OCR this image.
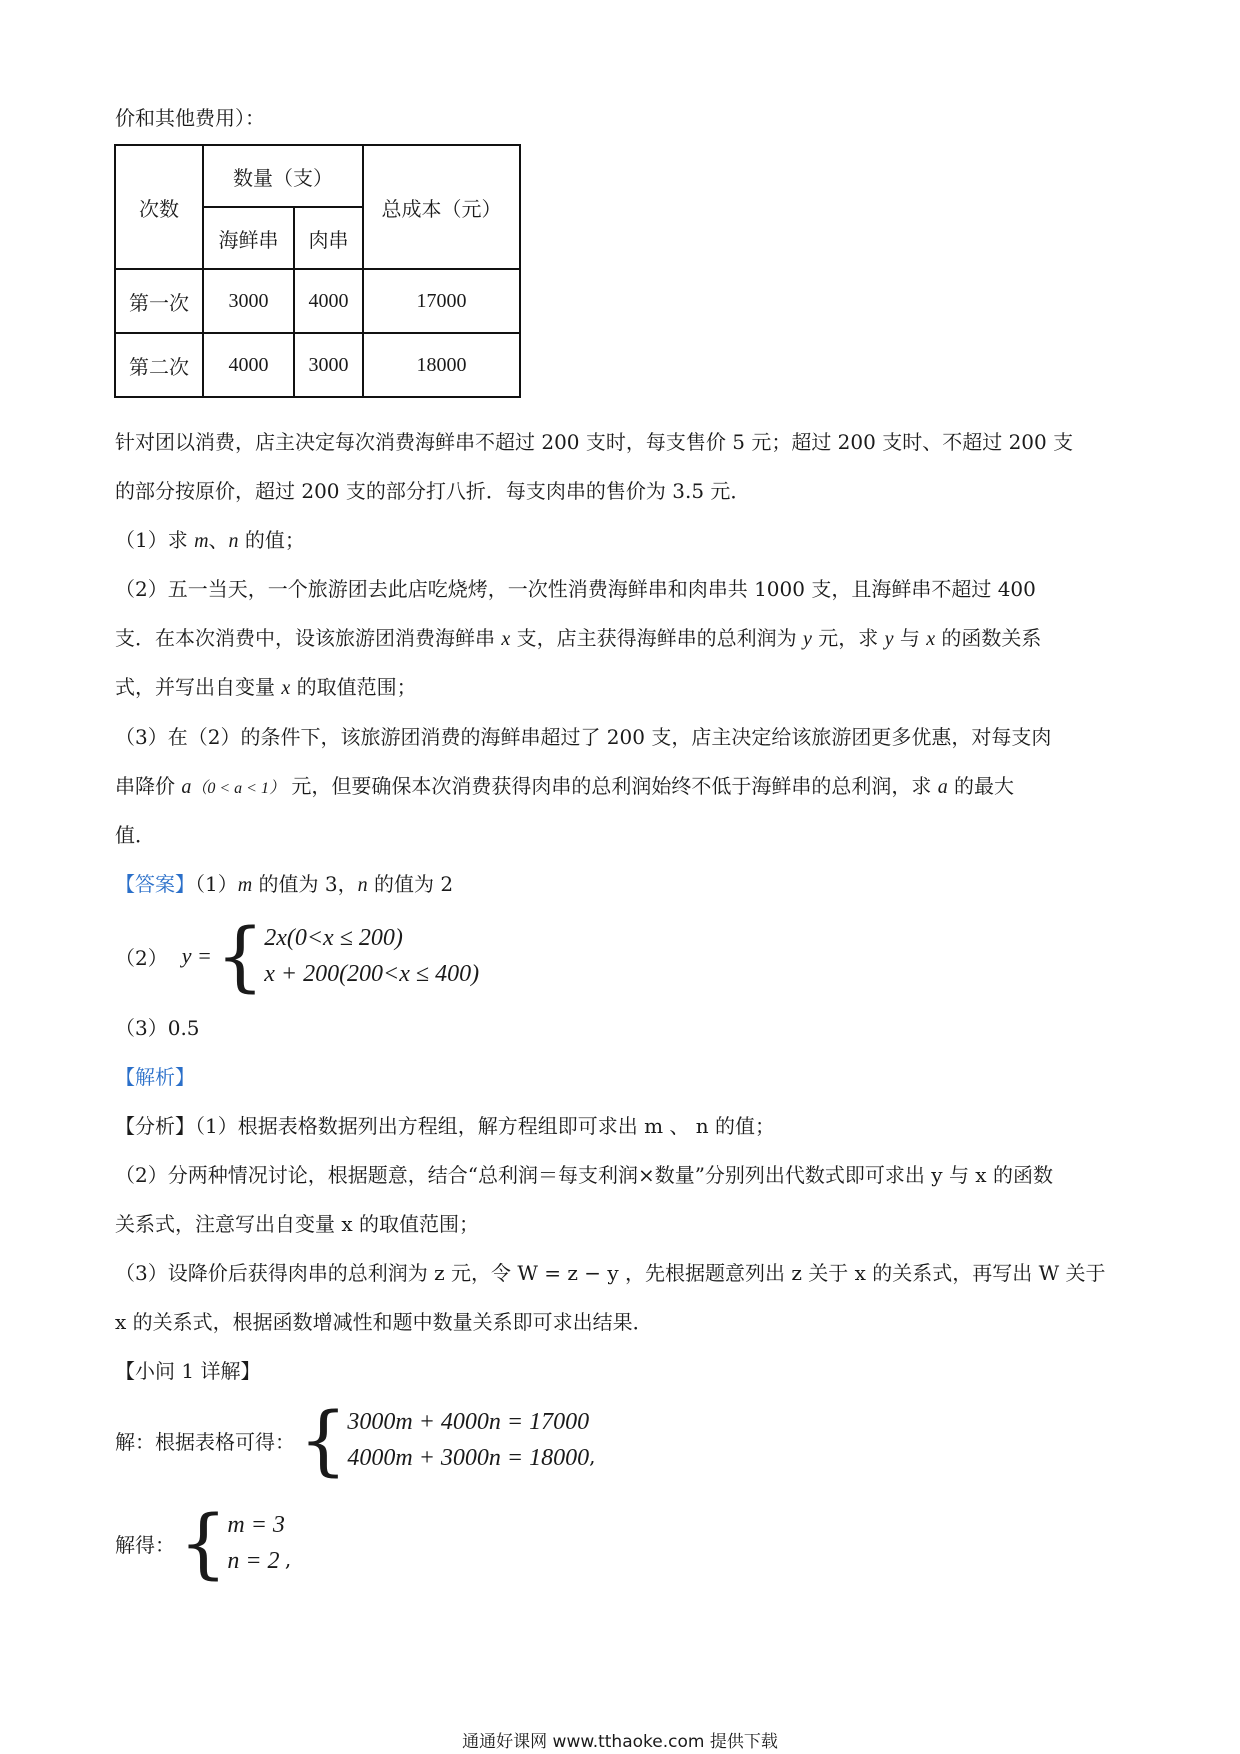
价和其他费用）：
次数	数量（支）		总成本（元）
	海鲜串	肉串	
第一次	3000	4000	17000
第二次	4000	3000	18000
针对团以消费，店主决定每次消费海鲜串不超过 200 支时，每支售价 5 元；超过 200 支时、不超过 200 支
的部分按原价，超过 200 支的部分打八折．每支肉串的售价为 3.5 元．
（1）求 m、n 的值；
（2）五一当天，一个旅游团去此店吃烧烤，一次性消费海鲜串和肉串共 1000 支，且海鲜串不超过 400
支．在本次消费中，设该旅游团消费海鲜串 x 支，店主获得海鲜串的总利润为 y 元，求 y 与 x 的函数关系
式，并写出自变量 x 的取值范围；
（3）在（2）的条件下，该旅游团消费的海鲜串超过了 200 支，店主决定给该旅游团更多优惠，对每支肉
串降价 a（0 < a < 1） 元，但要确保本次消费获得肉串的总利润始终不低于海鲜串的总利润，求 a 的最大
值．
【答案】（1）m 的值为 3，n 的值为 2
（2） y = { 2x(0<x ≤ 200)
x + 200(200<x ≤ 400)
（3）0.5
【解析】
【分析】（1）根据表格数据列出方程组，解方程组即可求出 m 、 n 的值；
（2）分两种情况讨论，根据题意，结合“总利润＝每支利润×数量”分别列出代数式即可求出 y 与 x 的函数
关系式，注意写出自变量 x 的取值范围；
（3）设降价后获得肉串的总利润为 z 元，令 W = z − y ，先根据题意列出 z 关于 x 的关系式，再写出 W 关于
x 的关系式，根据函数增减性和题中数量关系即可求出结果．
【小问 1 详解】
解：根据表格可得： { 3000m + 4000n = 17000
4000m + 3000n = 18000 ,
解得： { m = 3
n = 2 ,
通通好课网 www.tthaoke.com 提供下载
